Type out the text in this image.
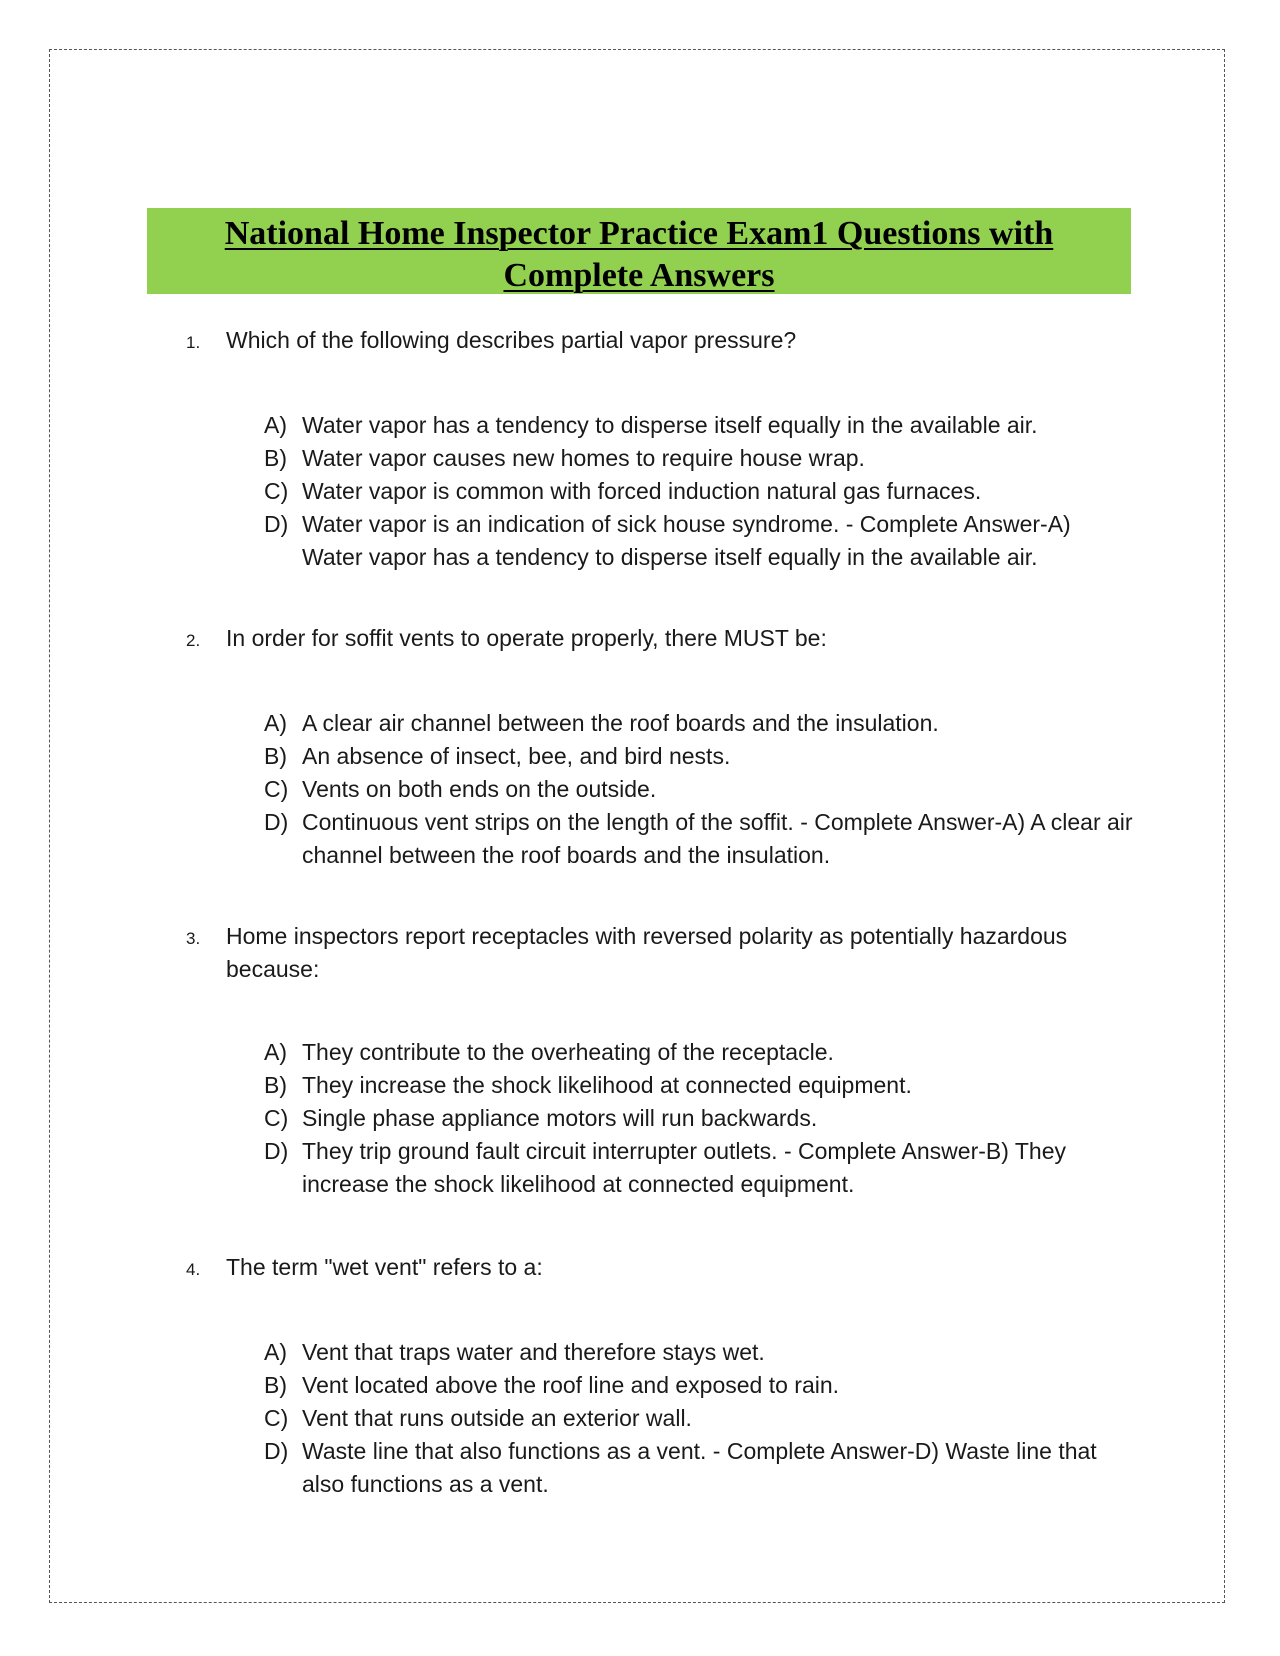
National Home Inspector Practice Exam1 Questions with
Complete Answers
1.	Which of the following describes partial vapor pressure?
A) Water vapor has a tendency to disperse itself equally in the available air.
B) Water vapor causes new homes to require house wrap.
C) Water vapor is common with forced induction natural gas furnaces.
D) Water vapor is an indication of sick house syndrome. - Complete Answer-A) Water vapor has a tendency to disperse itself equally in the available air.
2.	In order for soffit vents to operate properly, there MUST be:
A) A clear air channel between the roof boards and the insulation.
B) An absence of insect, bee, and bird nests.
C) Vents on both ends on the outside.
D) Continuous vent strips on the length of the soffit. - Complete Answer-A) A clear air channel between the roof boards and the insulation.
3.	Home inspectors report receptacles with reversed polarity as potentially hazardous because:
A) They contribute to the overheating of the receptacle.
B) They increase the shock likelihood at connected equipment.
C) Single phase appliance motors will run backwards.
D) They trip ground fault circuit interrupter outlets. - Complete Answer-B) They increase the shock likelihood at connected equipment.
4.	The term "wet vent" refers to a:
A) Vent that traps water and therefore stays wet.
B) Vent located above the roof line and exposed to rain.
C) Vent that runs outside an exterior wall.
D) Waste line that also functions as a vent. - Complete Answer-D) Waste line that also functions as a vent.
